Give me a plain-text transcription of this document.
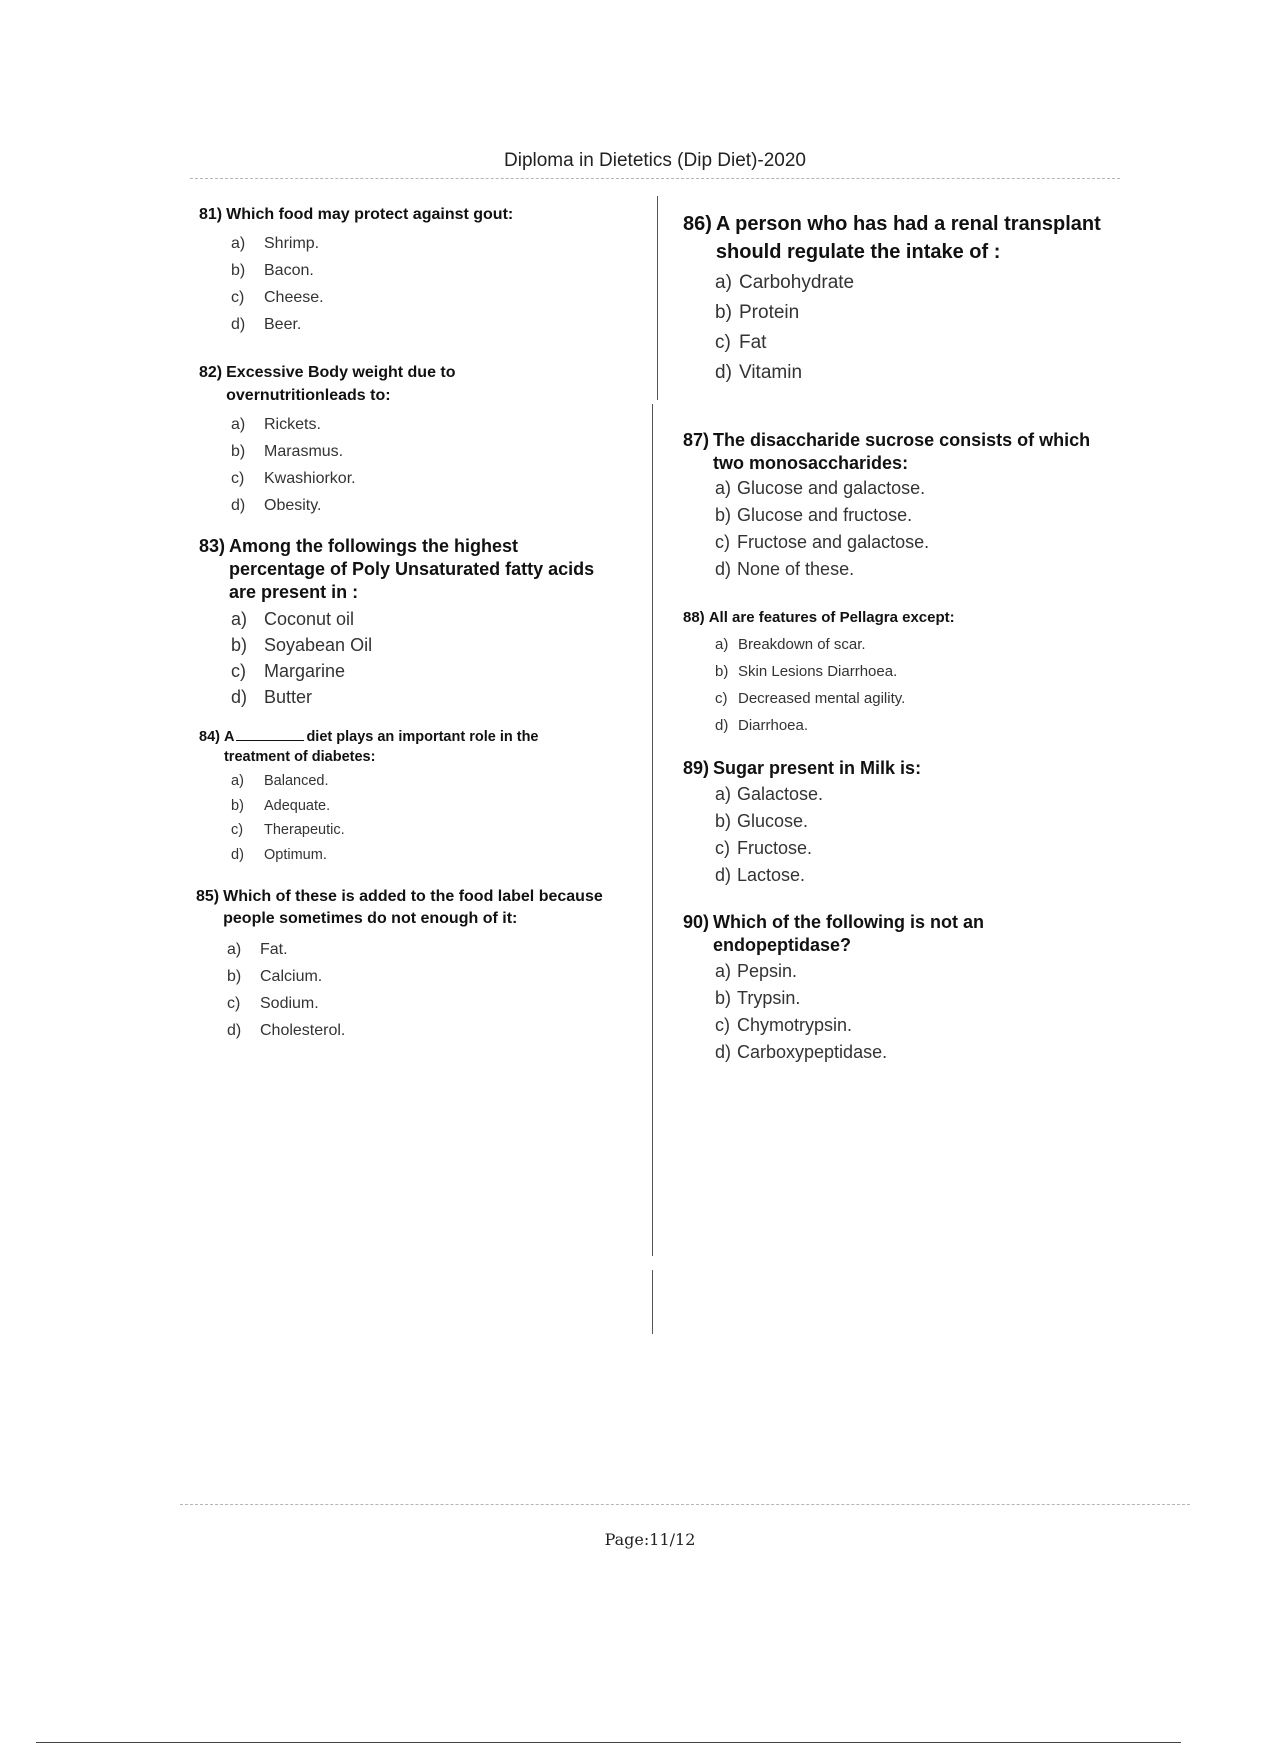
Diploma in Dietetics (Dip Diet)-2020
81) Which food may protect against gout:
a)	Shrimp.
b)	Bacon.
c)	Cheese.
d)	Beer.
82) Excessive Body weight due to overnutritionleads to:
a)	Rickets.
b)	Marasmus.
c)	Kwashiorkor.
d)	Obesity.
83) Among the followings the highest percentage of Poly Unsaturated fatty acids are present in :
a) Coconut oil
b) Soyabean Oil
c)	Margarine
d) Butter
84) A	diet plays an important role in the treatment of diabetes:
a)	Balanced.
b)	Adequate.
c)	Therapeutic.
d)	Optimum.
85) Which of these is added to the food label because people sometimes do not enough of it:
a)	Fat.
b)	Calcium.
c)	Sodium.
d)	Cholesterol.
86) A person who has had a renal transplant should regulate the intake of :
a) Carbohydrate
b) Protein
c) Fat
d) Vitamin
87) The disaccharide sucrose consists of which two monosaccharides:
a) Glucose and galactose.
b) Glucose and fructose.
c) Fructose and galactose.
d) None of these.
88) All are features of Pellagra except:
a) Breakdown of scar.
b) Skin Lesions Diarrhoea.
c) Decreased mental agility.
d) Diarrhoea.
89) Sugar present in Milk is:
a) Galactose.
b) Glucose.
c) Fructose.
d) Lactose.
90) Which of the following is not an endopeptidase?
a) Pepsin.
b) Trypsin.
c) Chymotrypsin.
d) Carboxypeptidase.
Page:11/12
